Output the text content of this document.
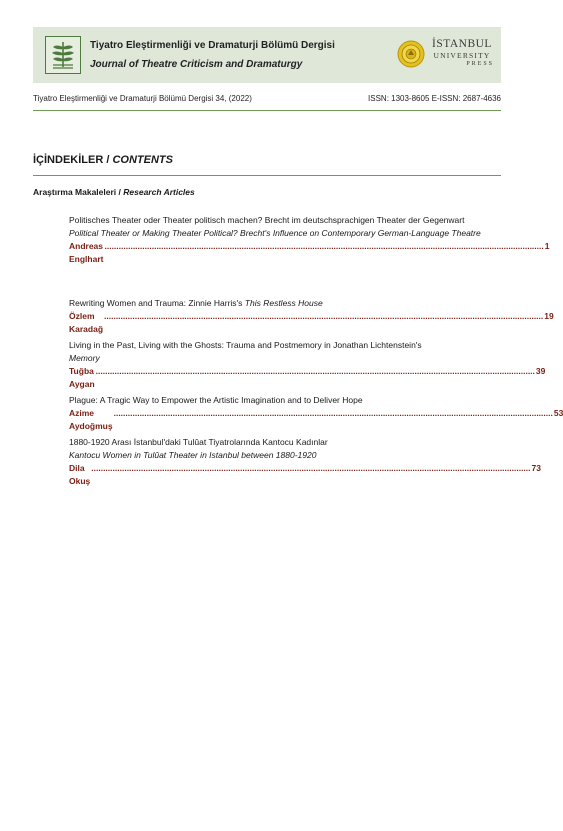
Tiyatro Eleştirmenliği ve Dramaturji Bölümü Dergisi
Journal of Theatre Criticism and Dramaturgy
İSTANBUL
UNIVERSITY
PRESS
Tiyatro Eleştirmenliği ve Dramaturji Bölümü Dergisi 34, (2022)	ISSN: 1303-8605 E-ISSN: 2687-4636
İÇİNDEKİLER / CONTENTS
Araştırma Makaleleri / Research Articles
Politisches Theater oder Theater politisch machen? Brecht im deutschsprachigen Theater der Gegenwart
Political Theater or Making Theater Political? Brecht's Influence on Contemporary German-Language Theatre
Andreas Englhart
.......................................................................................................................................................................................... 1
Rewriting Women and Trauma: Zinnie Harris's This Restless House
Özlem Karadağ
.......................................................................................................................................................................................... 19
Living in the Past, Living with the Ghosts: Trauma and Postmemory in Jonathan Lichtenstein's
Memory
Tuğba Aygan
.......................................................................................................................................................................................... 39
Plague: A Tragic Way to Empower the Artistic Imagination and to Deliver Hope
Azime Aydoğmuş
.......................................................................................................................................................................................... 53
1880-1920 Arası İstanbul'daki Tulûat Tiyatrolarında Kantocu Kadınlar
Kantocu Women in Tulûat Theater in Istanbul between 1880-1920
Dila Okuş
.......................................................................................................................................................................................... 73
